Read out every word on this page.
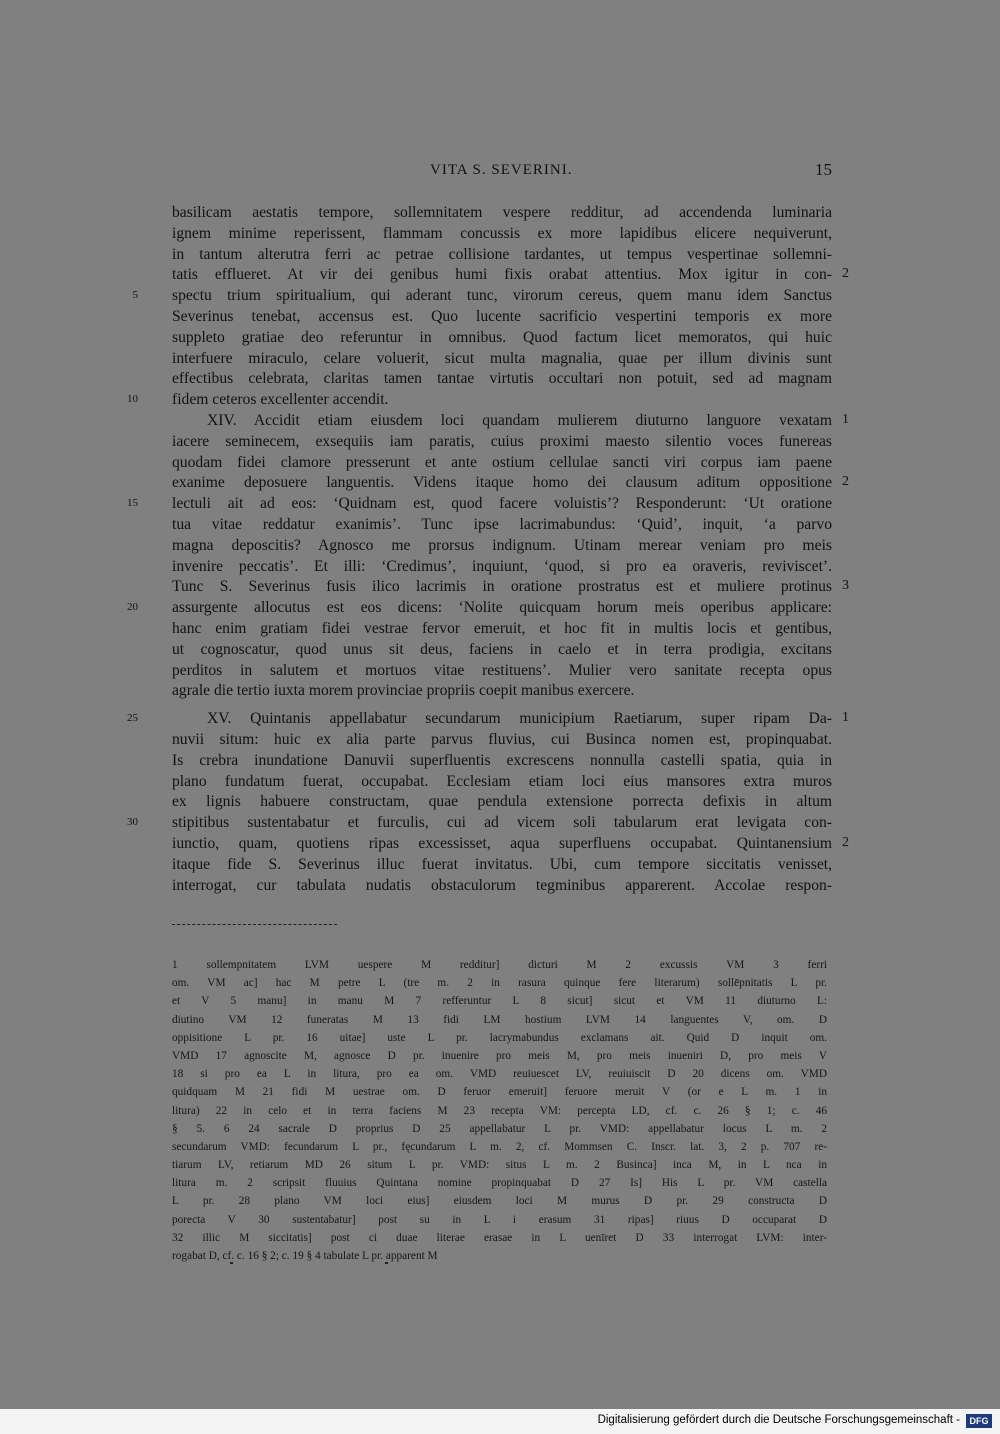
VITA S. SEVERINI.	15
basilicam aestatis tempore, sollemnitatem vespere redditur, ad accendenda luminaria
ignem minime reperissent, flammam concussis ex more lapidibus elicere nequiverunt,
in tantum alterutra ferri ac petrae collisione tardantes, ut tempus vespertinae sollemni-
tatis efflueret. At vir dei genibus humi fixis orabat attentius. Mox igitur in con- 2
5 spectu trium spiritualium, qui aderant tunc, virorum cereus, quem manu idem Sanctus
Severinus tenebat, accensus est. Quo lucente sacrificio vespertini temporis ex more
suppleto gratiae deo referuntur in omnibus. Quod factum licet memoratos, qui huic
interfuere miraculo, celare voluerit, sicut multa magnalia, quae per illum divinis sunt
effectibus celebrata, claritas tamen tantae virtutis occultari non potuit, sed ad magnam
10 fidem ceteros excellenter accendit.
XIV. Accidit etiam eiusdem loci quandam mulierem diuturno languore vexatam 1
iacere seminecem, exsequiis iam paratis, cuius proximi maesto silentio voces funereas
quodam fidei clamore presserunt et ante ostium cellulae sancti viri corpus iam paene
exanime deposuere languentis. Videns itaque homo dei clausum aditum oppositione 2
15 lectuli ait ad eos: ‘Quidnam est, quod facere voluistis’? Responderunt: ‘Ut oratione
tua vitae reddatur exanimis’. Tunc ipse lacrimabundus: ‘Quid’, inquit, ‘a parvo
magna deposcitis? Agnosco me prorsus indignum. Utinam merear veniam pro meis
invenire peccatis’. Et illi: ‘Credimus’, inquiunt, ‘quod, si pro ea oraveris, reviviscet’.
Tunc S. Severinus fusis ilico lacrimis in oratione prostratus est et muliere protinus 3
20 assurgente allocutus est eos dicens: ‘Nolite quicquam horum meis operibus applicare:
hanc enim gratiam fidei vestrae fervor emeruit, et hoc fit in multis locis et gentibus,
ut cognoscatur, quod unus sit deus, faciens in caelo et in terra prodigia, excitans
perditos in salutem et mortuos vitae restituens’. Mulier vero sanitate recepta opus
agrale die tertio iuxta morem provinciae propriis coepit manibus exercere.
25	XV. Quintanis appellabatur secundarum municipium Raetiarum, super ripam Da- 1
nuvii situm: huic ex alia parte parvus fluvius, cui Businca nomen est, propinquabat.
Is crebra inundatione Danuvii superfluentis excrescens nonnulla castelli spatia, quia in
plano fundatum fuerat, occupabat. Ecclesiam etiam loci eius mansores extra muros
ex lignis habuere constructam, quae pendula extensione porrecta defixis in altum
30 stipitibus sustentabatur et furculis, cui ad vicem soli tabularum erat levigata con-
iunctio, quam, quotiens ripas excessisset, aqua superfluens occupabat. Quintanensium 2
itaque fide S. Severinus illuc fuerat invitatus. Ubi, cum tempore siccitatis venisset,
interrogat, cur tabulata nudatis obstaculorum tegminibus apparerent. Accolae respon-
1 sollempnitatem LVM uespere M redditur] dicturi M 2 excussis VM 3 ferri
om. VM ac] hac M petre L (tre m. 2 in rasura quinque fere literarum) sollēpnitatis L pr.
et V 5 manu] in manu M 7 refferuntur L 8 sicut] sicut et VM 11 diuturno L:
diutino VM 12 funeratas M 13 fidi LM hostium LVM 14 languentes V, om. D
oppisitione L pr. 16 uitae] uste L pr. lacrymabundus exclamans ait. Quid D inquit om.
VMD 17 agnoscite M, agnosce D pr. inuenire pro meis M, pro meis inueniri D, pro meis V
18 si pro ea L in litura, pro ea om. VMD reuiuescet LV, reuiuiscit D 20 dicens om. VMD
quidquam M 21 fidi M uestrae om. D feruor emeruit] feruore meruit V (or e L m. 1 in
litura) 22 in celo et in terra faciens M 23 recepta VM: percepta LD, cf. c. 26 § 1; c. 46
§ 5. 6 24 sacrale D proprius D 25 appellabatur L pr. VMD: appellabatur locus L m. 2
secundarum VMD: fecundarum L pr., fęcundarum L m. 2, cf. Mommsen C. Inscr. lat. 3, 2 p. 707 re-
tiarum LV, retiarum MD 26 situm L pr. VMD: situs L m. 2 Businca] inca M, in L nca in
litura m. 2 scripsit fluuius Quintana nomine propinquabat D 27 Is] His L pr. VM castella
L pr. 28 plano VM loci eius] eiusdem loci M murus D pr. 29 constructa D
porecta V 30 sustentabatur] post su in L i erasum 31 ripas] riuus D occuparat D
32 illic M siccitatis] post ci duae literae erasae in L uenīret D 33 interrogat LVM: inter-
rogabat D, cf. c. 16 § 2; c. 19 § 4 tabulate L pr. apparent M
Digitalisierung gefördert durch die Deutsche Forschungsgemeinschaft -	DFG
